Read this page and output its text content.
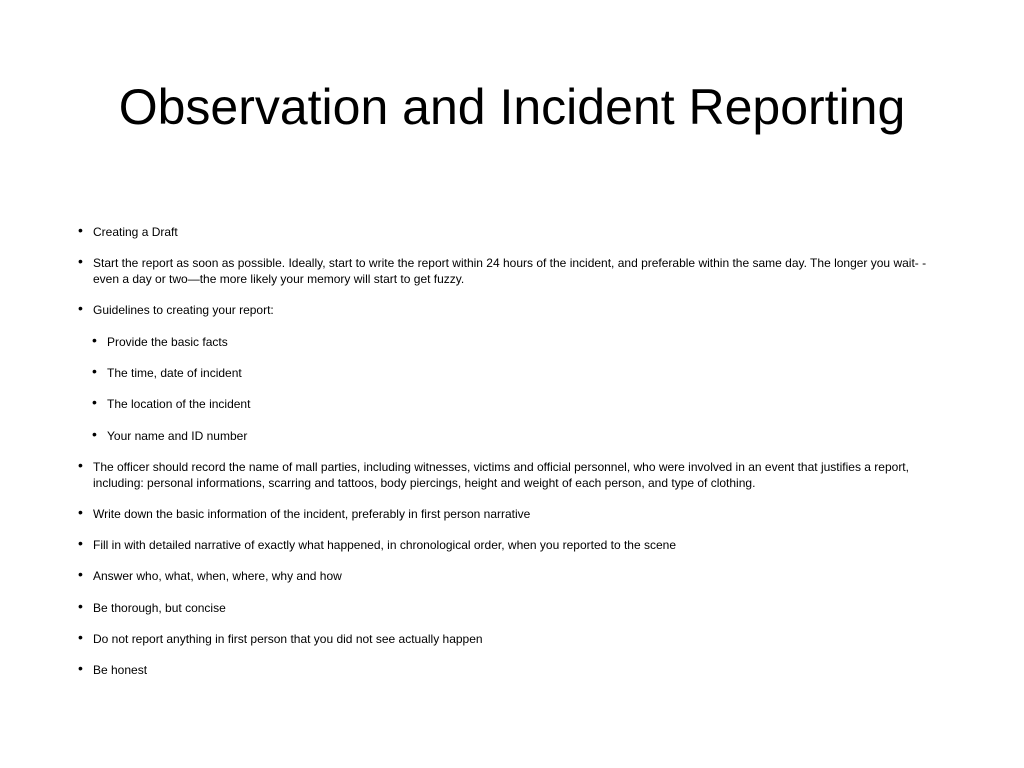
Observation and Incident Reporting
• Creating a Draft
• Start the report as soon as possible. Ideally, start to write the report within 24 hours of the incident, and preferable within the same day. The longer you wait- - even a day or two—the more likely your memory will start to get fuzzy.
• Guidelines to creating your report:
• Provide the basic facts
• The time, date of incident
• The location of the incident
• Your name and ID number
• The officer should record the name of mall parties, including witnesses, victims and official personnel, who were involved in an event that justifies a report, including: personal informations, scarring and tattoos, body piercings, height and weight of each person, and type of clothing.
• Write down the basic information of the incident, preferably in first person narrative
• Fill in with detailed narrative of exactly what happened, in chronological order, when you reported to the scene
• Answer who, what, when, where, why and how
• Be thorough, but concise
• Do not report anything in first person that you did not see actually happen
• Be honest
